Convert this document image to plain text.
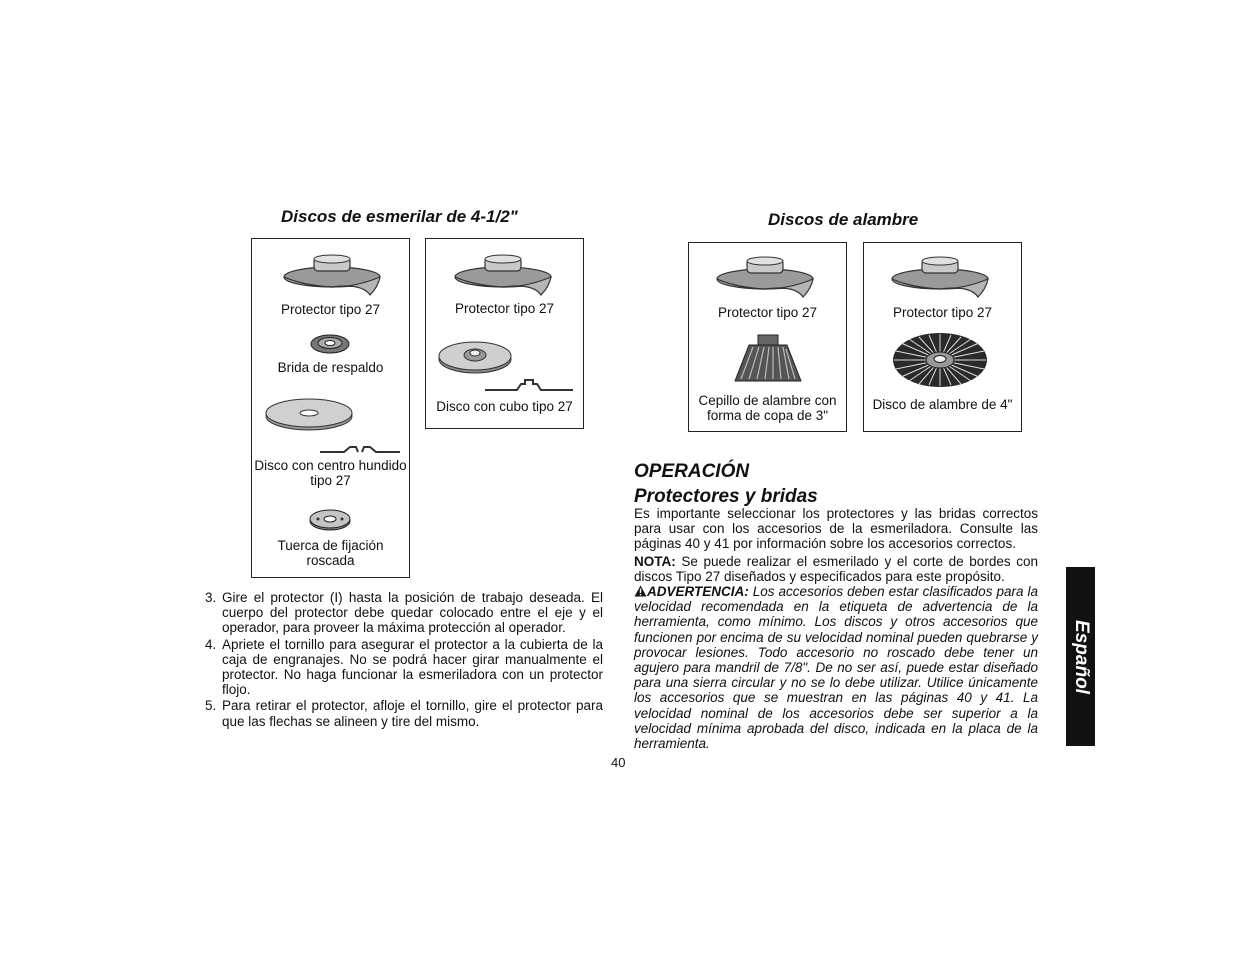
Discos de esmerilar de 4-1/2"
Protector tipo 27
Brida de respaldo
Disco con centro hundido tipo 27
Tuerca de fijación roscada
Protector tipo 27
Disco con cubo tipo 27
Discos de alambre
Protector tipo 27
Cepillo de alambre con forma de copa de 3"
Protector tipo 27
Disco de alambre de 4"
3. Gire el protector (I) hasta la posición de trabajo deseada. El cuerpo del protector debe quedar colocado entre el eje y el operador, para proveer la máxima protección al operador.
4. Apriete el tornillo para asegurar el protector a la cubierta de la caja de engranajes. No se podrá hacer girar manualmente el protector. No haga funcionar la esmeriladora con un protector flojo.
5. Para retirar el protector, afloje el tornillo, gire el protector para que las flechas se alineen y tire del mismo.
OPERACIÓN
Protectores y bridas
Es importante seleccionar los protectores y las bridas correctos para usar con los accesorios de la esmeriladora. Consulte las páginas 40 y 41 por información sobre los accesorios correctos.
NOTA: Se puede realizar el esmerilado y el corte de bordes con discos Tipo 27 diseñados y especificados para este propósito.
ADVERTENCIA: Los accesorios deben estar clasificados para la velocidad recomendada en la etiqueta de advertencia de la herramienta, como mínimo. Los discos y otros accesorios que funcionen por encima de su velocidad nominal pueden quebrarse y provocar lesiones. Todo accesorio no roscado debe tener un agujero para mandril de 7/8". De no ser así, puede estar diseñado para una sierra circular y no se lo debe utilizar. Utilice únicamente los accesorios que se muestran en las páginas 40 y 41. La velocidad nominal de los accesorios debe ser superior a la velocidad mínima aprobada del disco, indicada en la placa de la herramienta.
40
Español
